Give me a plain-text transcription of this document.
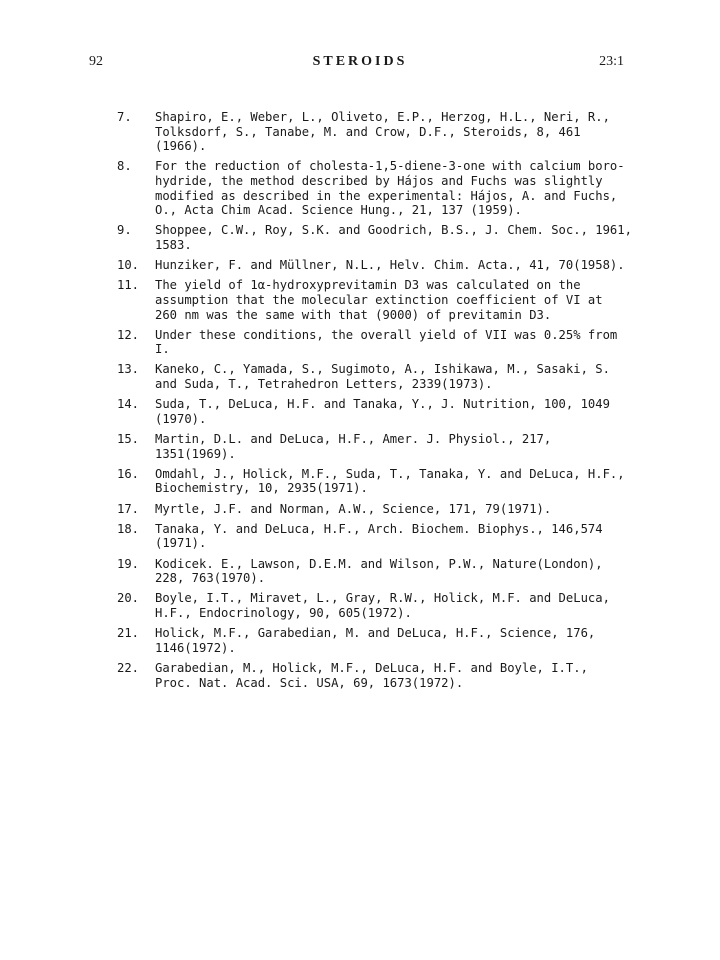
92	STEROIDS	23:1
7.	Shapiro, E., Weber, L., Oliveto, E.P., Herzog, H.L., Neri, R.,
Tolksdorf, S., Tanabe, M. and Crow, D.F., Steroids, 8, 461
(1966).
8.	For the reduction of cholesta-1,5-diene-3-one with calcium boro-
hydride, the method described by Hájos and Fuchs was slightly
modified as described in the experimental: Hájos, A. and Fuchs,
O., Acta Chim Acad. Science Hung., 21, 137 (1959).
9.	Shoppee, C.W., Roy, S.K. and Goodrich, B.S., J. Chem. Soc., 1961,
1583.
10.	Hunziker, F. and Müllner, N.L., Helv. Chim. Acta., 41, 70(1958).
11.	The yield of 1α-hydroxyprevitamin D3 was calculated on the
assumption that the molecular extinction coefficient of VI at
260 nm was the same with that (9000) of previtamin D3.
12.	Under these conditions, the overall yield of VII was 0.25% from
I.
13.	Kaneko, C., Yamada, S., Sugimoto, A., Ishikawa, M., Sasaki, S.
and Suda, T., Tetrahedron Letters, 2339(1973).
14.	Suda, T., DeLuca, H.F. and Tanaka, Y., J. Nutrition, 100, 1049
(1970).
15.	Martin, D.L. and DeLuca, H.F., Amer. J. Physiol., 217, 1351(1969).
16.	Omdahl, J., Holick, M.F., Suda, T., Tanaka, Y. and DeLuca, H.F.,
Biochemistry, 10, 2935(1971).
17.	Myrtle, J.F. and Norman, A.W., Science, 171, 79(1971).
18.	Tanaka, Y. and DeLuca, H.F., Arch. Biochem. Biophys., 146,574
(1971).
19.	Kodicek. E., Lawson, D.E.M. and Wilson, P.W., Nature(London),
228, 763(1970).
20.	Boyle, I.T., Miravet, L., Gray, R.W., Holick, M.F. and DeLuca,
H.F., Endocrinology, 90, 605(1972).
21.	Holick, M.F., Garabedian, M. and DeLuca, H.F., Science, 176,
1146(1972).
22.	Garabedian, M., Holick, M.F., DeLuca, H.F. and Boyle, I.T.,
Proc. Nat. Acad. Sci. USA, 69, 1673(1972).
